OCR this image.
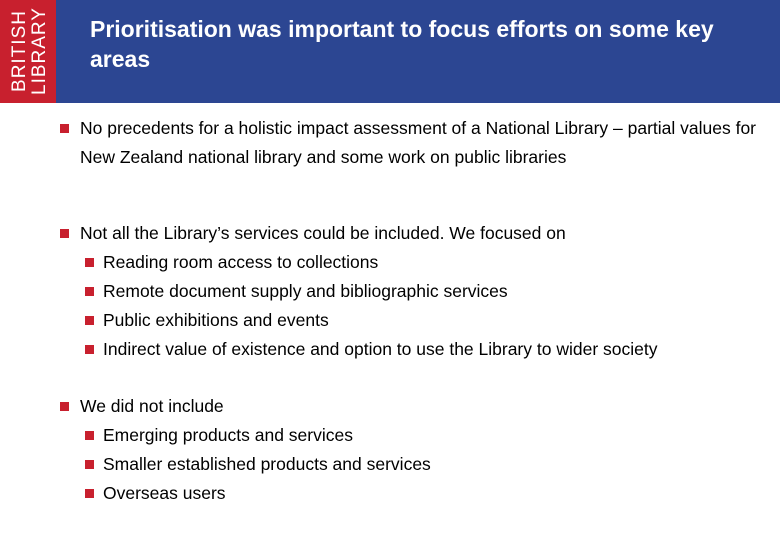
BRITISH LIBRARY Prioritisation was important to focus efforts on some key areas
No precedents for a holistic impact assessment of a National Library – partial values for New Zealand national library and some work on public libraries
Not all the Library’s services could be included. We focused on
Reading room access to collections
Remote document supply and bibliographic services
Public exhibitions and events
Indirect value of existence and option to use the Library to wider society
We did not include
Emerging products and services
Smaller established products and services
Overseas users
